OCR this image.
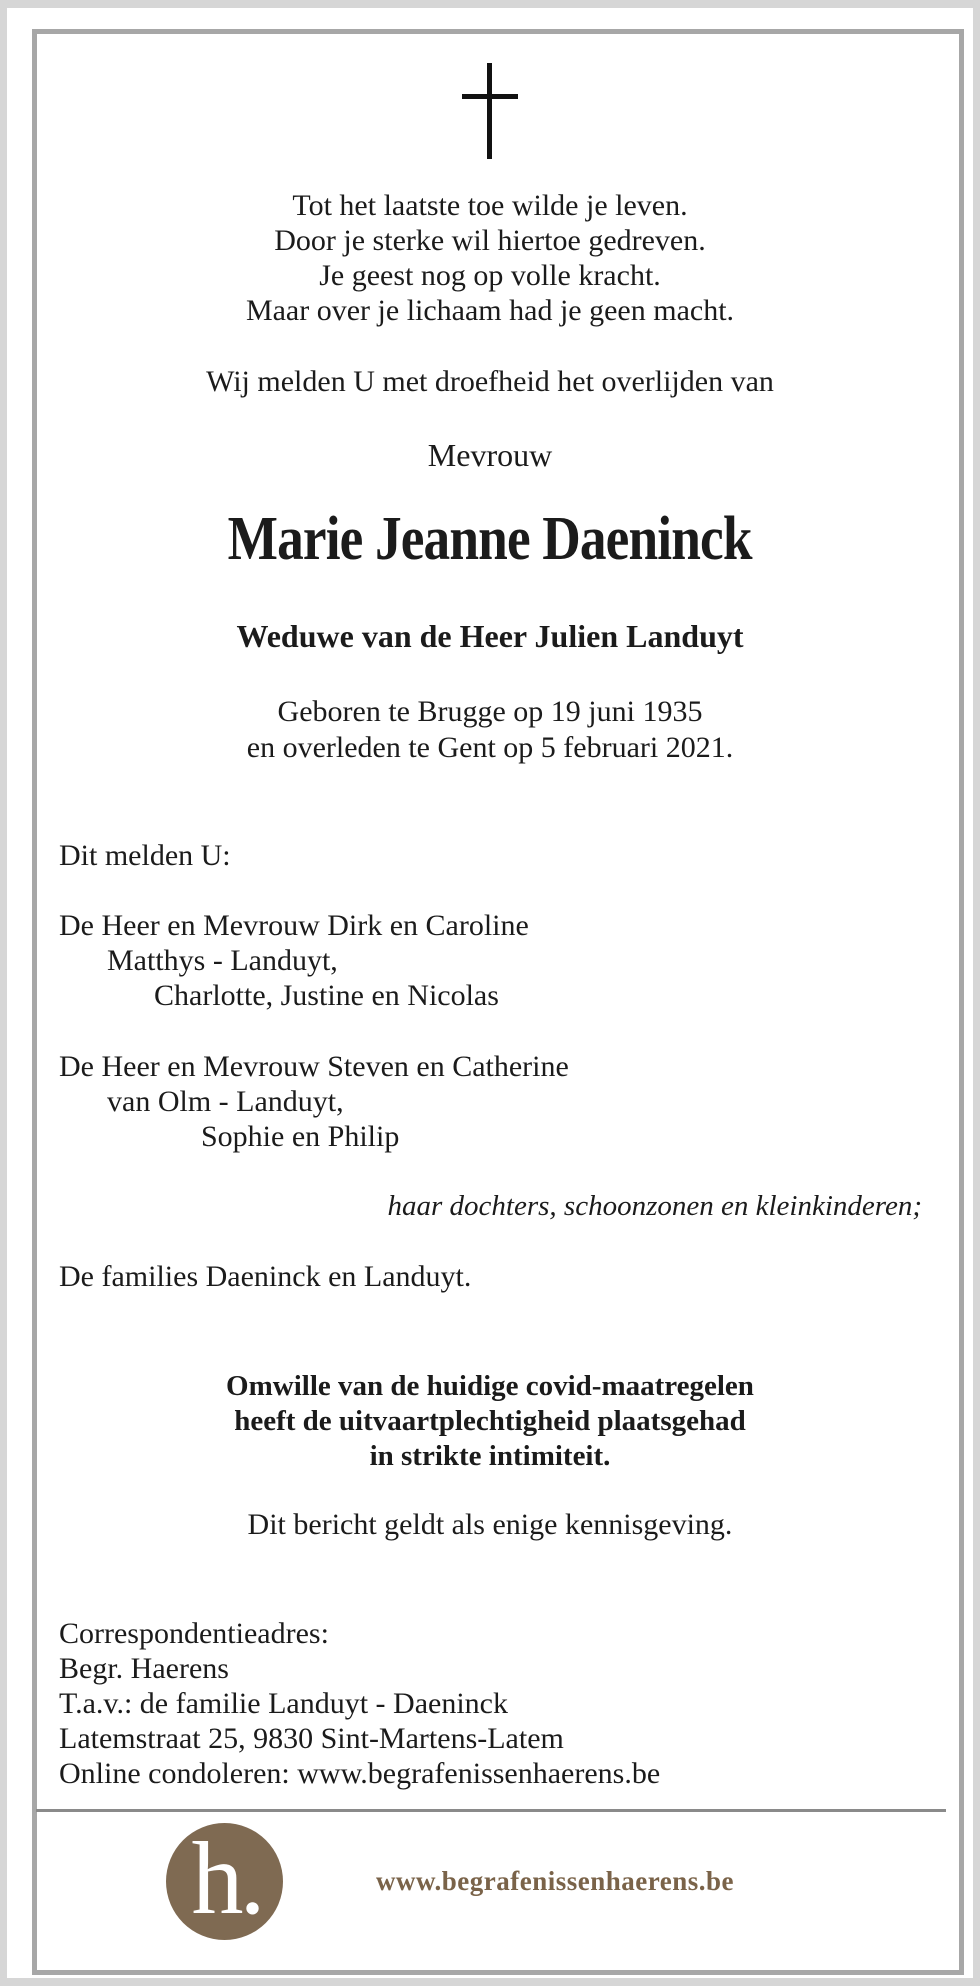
Tot het laatste toe wilde je leven.
Door je sterke wil hiertoe gedreven.
Je geest nog op volle kracht.
Maar over je lichaam had je geen macht.
Wij melden U met droefheid het overlijden van
Mevrouw
Marie Jeanne Daeninck
Weduwe van de Heer Julien Landuyt
Geboren te Brugge op 19 juni 1935
en overleden te Gent op 5 februari 2021.
Dit melden U:
De Heer en Mevrouw Dirk en Caroline
Matthys - Landuyt,
Charlotte, Justine en Nicolas
De Heer en Mevrouw Steven en Catherine
van Olm - Landuyt,
Sophie en Philip
haar dochters, schoonzonen en kleinkinderen;
De families Daeninck en Landuyt.
Omwille van de huidige covid-maatregelen
heeft de uitvaartplechtigheid plaatsgehad
in strikte intimiteit.
Dit bericht geldt als enige kennisgeving.
Correspondentieadres:
Begr. Haerens
T.a.v.: de familie Landuyt - Daeninck
Latemstraat 25, 9830 Sint-Martens-Latem
Online condoleren: www.begrafenissenhaerens.be
h.	www.begrafenissenhaerens.be
